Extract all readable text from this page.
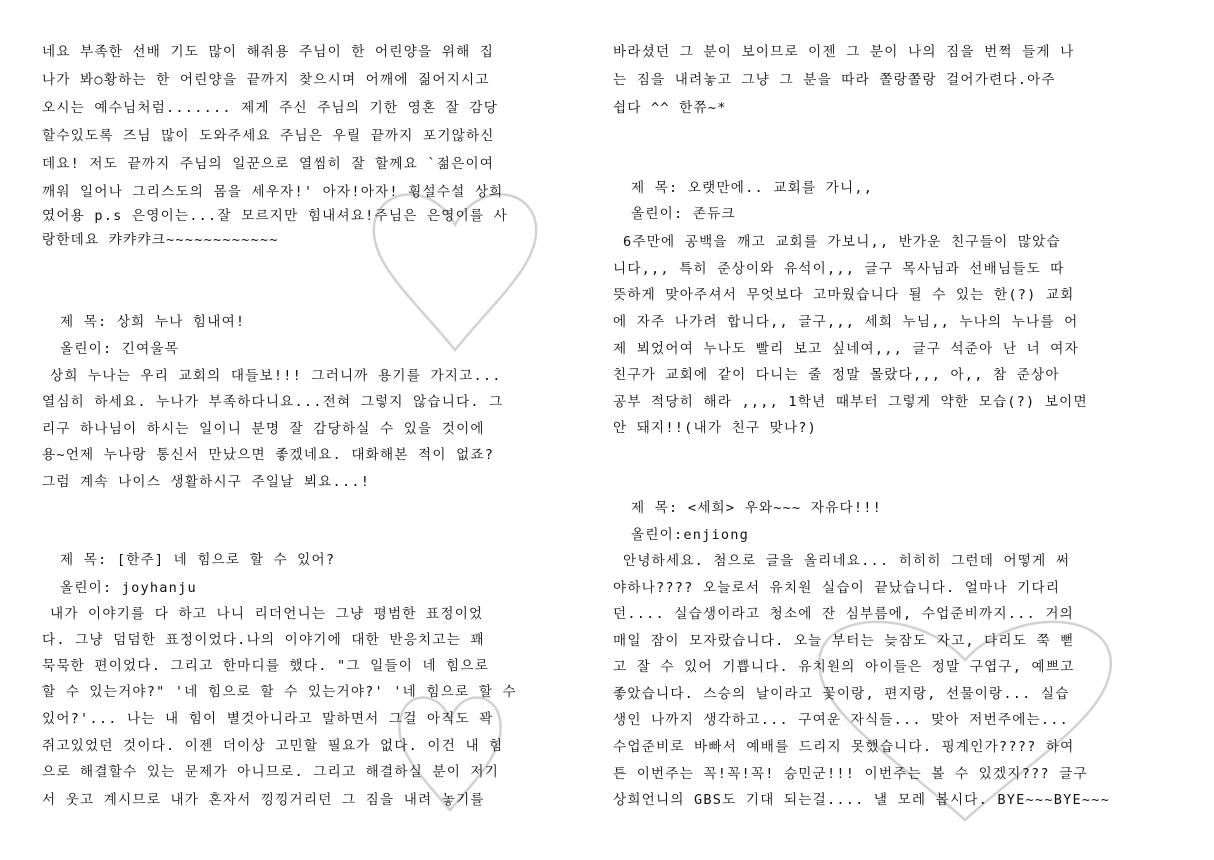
네요 부족한 선배 기도 많이 해줘용 주님이 한 어린양을 위해 집
나가 봐○황하는 한 어린양을 끝까지 찾으시며 어깨에 짊어지시고
오시는 예수님처럼....... 제게 주신 주님의 기한 영혼 잘 감당
할수있도록 즈님 많이 도와주세요 주님은 우릴 끝까지 포기않하신
데요! 저도 끝까지 주님의 일꾼으로 열씸히 잘 할께요 `젊은이여
깨워 일어나 그리스도의 몸을 세우자!' 아자!아자! 휭설수설 상희
였어용 p.s 은영이는...잘 모르지만 힘내셔요!주님은 은영이를 사
랑한데요 캬캬캬크~~~~~~~~~~~~
제 목: 상희 누나 힘내여!
올린이: 긴여울목
상희 누나는 우리 교회의 대들보!!! 그러니까 용기를 가지고...
열심히 하세요. 누나가 부족하다니요...전혀 그렇지 않습니다. 그
리구 하나님이 하시는 일이니 분명 잘 감당하실 수 있을 것이에
용~언제 누나랑 통신서 만났으면 좋겠네요. 대화해본 적이 없죠?
그럼 계속 나이스 생활하시구 주일날 뵈요...!
제 목: [한주] 네 힘으로 할 수 있어?
올린이: joyhanju
내가 이야기를 다 하고 나니 리더언니는 그냥 평범한 표정이었
다. 그냥 덤덤한 표정이었다.나의 이야기에 대한 반응치고는 꽤
묵묵한 편이었다. 그리고 한마디를 했다. "그 일들이 네 힘으로
할 수 있는거야?" '네 힘으로 할 수 있는거야?' '네 힘으로 할 수
있어?'... 나는 내 힘이 별것아니라고 말하면서 그걸 아직도 꽉
쥐고있었던 것이다. 이젠 더이상 고민할 필요가 없다. 이건 내 힘
으로 해결할수 있는 문제가 아니므로. 그리고 해결하실 분이 저기
서 웃고 계시므로 내가 혼자서 낑낑거리던 그 짐을 내려 놓기를
바라셨던 그 분이 보이므로 이젠 그 분이 나의 짐을 번쩍 들게 나
는 짐을 내려놓고 그냥 그 분을 따라 쫄랑쫄랑 걸어가련다.아주
쉽다 ^^ 한쮸~*
제 목: 오랫만에.. 교회를 가니,,
올린이: 존듀크
6주만에 공백을 깨고 교회를 가보니,, 반가운 친구들이 많았습
니다,,, 특히 준상이와 유석이,,, 글구 목사님과 선배님들도 따
뜻하게 맞아주셔서 무엇보다 고마웠습니다 될 수 있는 한(?) 교회
에 자주 나가려 합니다,, 글구,,, 세희 누님,, 누나의 누나를 어
제 뵈었어여 누나도 빨리 보고 싶네여,,, 글구 석준아 난 너 여자
친구가 교회에 같이 다니는 줄 정말 몰랐다,,, 아,, 참 준상아
공부 적당히 해라 ,,,, 1학년 때부터 그렇게 약한 모습(?) 보이면
안 돼지!!(내가 친구 맞나?)
제 목: <세희> 우와~~~ 자유다!!!
올린이:enjiong
안녕하세요. 첨으로 글을 올리네요... 히히히 그런데 어떻게 써
야하나???? 오늘로서 유치원 실습이 끝났습니다. 얼마나 기다리
던.... 실습생이라고 청소에 잔 심부름에, 수업준비까지... 거의
매일 잠이 모자랐습니다. 오늘 부터는 늦잠도 자고, 다리도 쭉 뻗
고 잘 수 있어 기쁩니다. 유치원의 아이들은 정말 구엽구, 예쁘고
좋았습니다. 스승의 날이라고 꽃이랑, 편지랑, 선물이랑... 실습
생인 나까지 생각하고... 구여운 자식들... 맞아 저번주에는...
수업준비로 바빠서 예배를 드리지 못했습니다. 핑계인가???? 하여
튼 이번주는 꼭!꼭!꼭! 승민군!!! 이번주는 볼 수 있겠지??? 글구
상희언니의 GBS도 기대 되는걸.... 낼 모레 봅시다. BYE~~~BYE~~~
